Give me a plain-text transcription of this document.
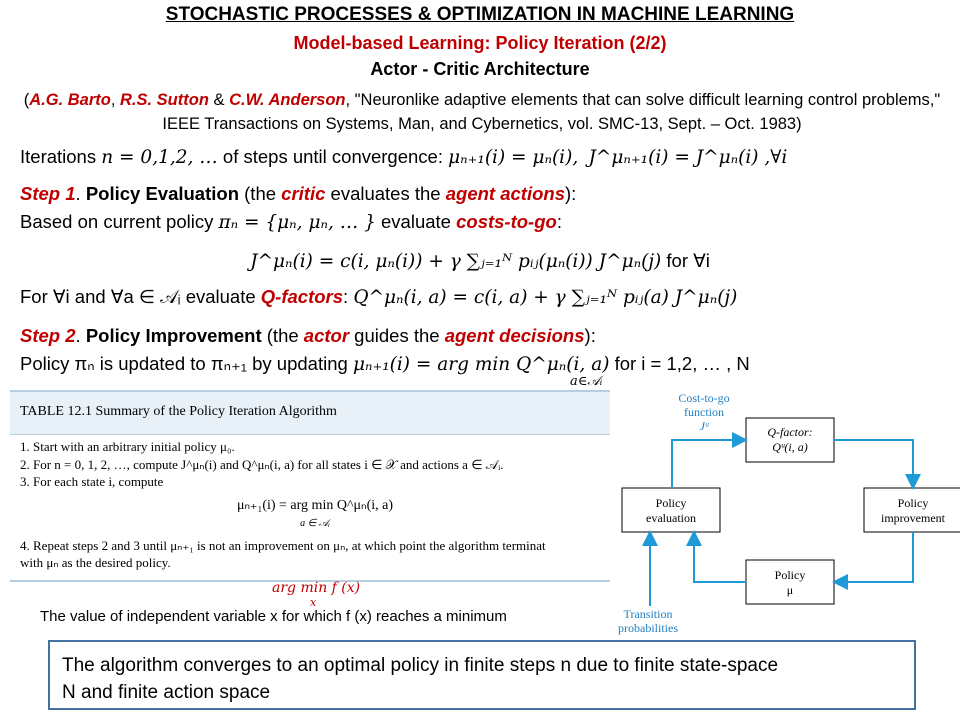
STOCHASTIC PROCESSES & OPTIMIZATION IN MACHINE LEARNING
Model-based Learning: Policy Iteration (2/2)
Actor - Critic Architecture
(A.G. Barto, R.S. Sutton & C.W. Anderson, "Neuronlike adaptive elements that can solve difficult learning control problems," IEEE Transactions on Systems, Man, and Cybernetics, vol. SMC-13, Sept. – Oct. 1983)
Iterations n = 0,1,2, … of steps until convergence: μₙ₊₁(i) = μₙ(i), J^μₙ₊₁(i) = J^μₙ(i) ,∀i
Step 1. Policy Evaluation (the critic evaluates the agent actions):
Based on current policy πₙ = {μₙ, μₙ, … } evaluate costs-to-go:
J^μₙ(i) = c(i, μₙ(i)) + γ ∑ⱼ₌₁ᴺ pᵢⱼ(μₙ(i)) J^μₙ(j) for ∀i
For ∀i and ∀a ∈ 𝒜ᵢ evaluate Q-factors: Q^μₙ(i, a) = c(i, a) + γ ∑ⱼ₌₁ᴺ pᵢⱼ(a) J^μₙ(j)
Step 2. Policy Improvement (the actor guides the agent decisions):
Policy πₙ is updated to πₙ₊₁ by updating μₙ₊₁(i) = arg min Q^μₙ(i, a) for i = 1,2, … , N
a∈𝒜ᵢ
TABLE 12.1 Summary of the Policy Iteration Algorithm
1. Start with an arbitrary initial policy μ₀.
2. For n = 0, 1, 2, …, compute J^μₙ(i) and Q^μₙ(i, a) for all states i ∈ 𝒳 and actions a ∈ 𝒜ᵢ.
3. For each state i, compute
μₙ₊₁(i) = arg min Q^μₙ(i, a)
a ∈ 𝒜ᵢ
4. Repeat steps 2 and 3 until μₙ₊₁ is not an improvement on μₙ, at which point the algorithm terminat
with μₙ as the desired policy.
arg min f (x)
x
The value of independent variable x for which f (x) reaches a minimum
Cost-to-go
function
Jᵘ	Q-factor:
Qᵘ(i, a)
Policy
evaluation
Policy
improvement
Policy
μ
Transition
probabilities
The algorithm converges to an optimal policy in finite steps n due to finite state-space
N and finite action space
